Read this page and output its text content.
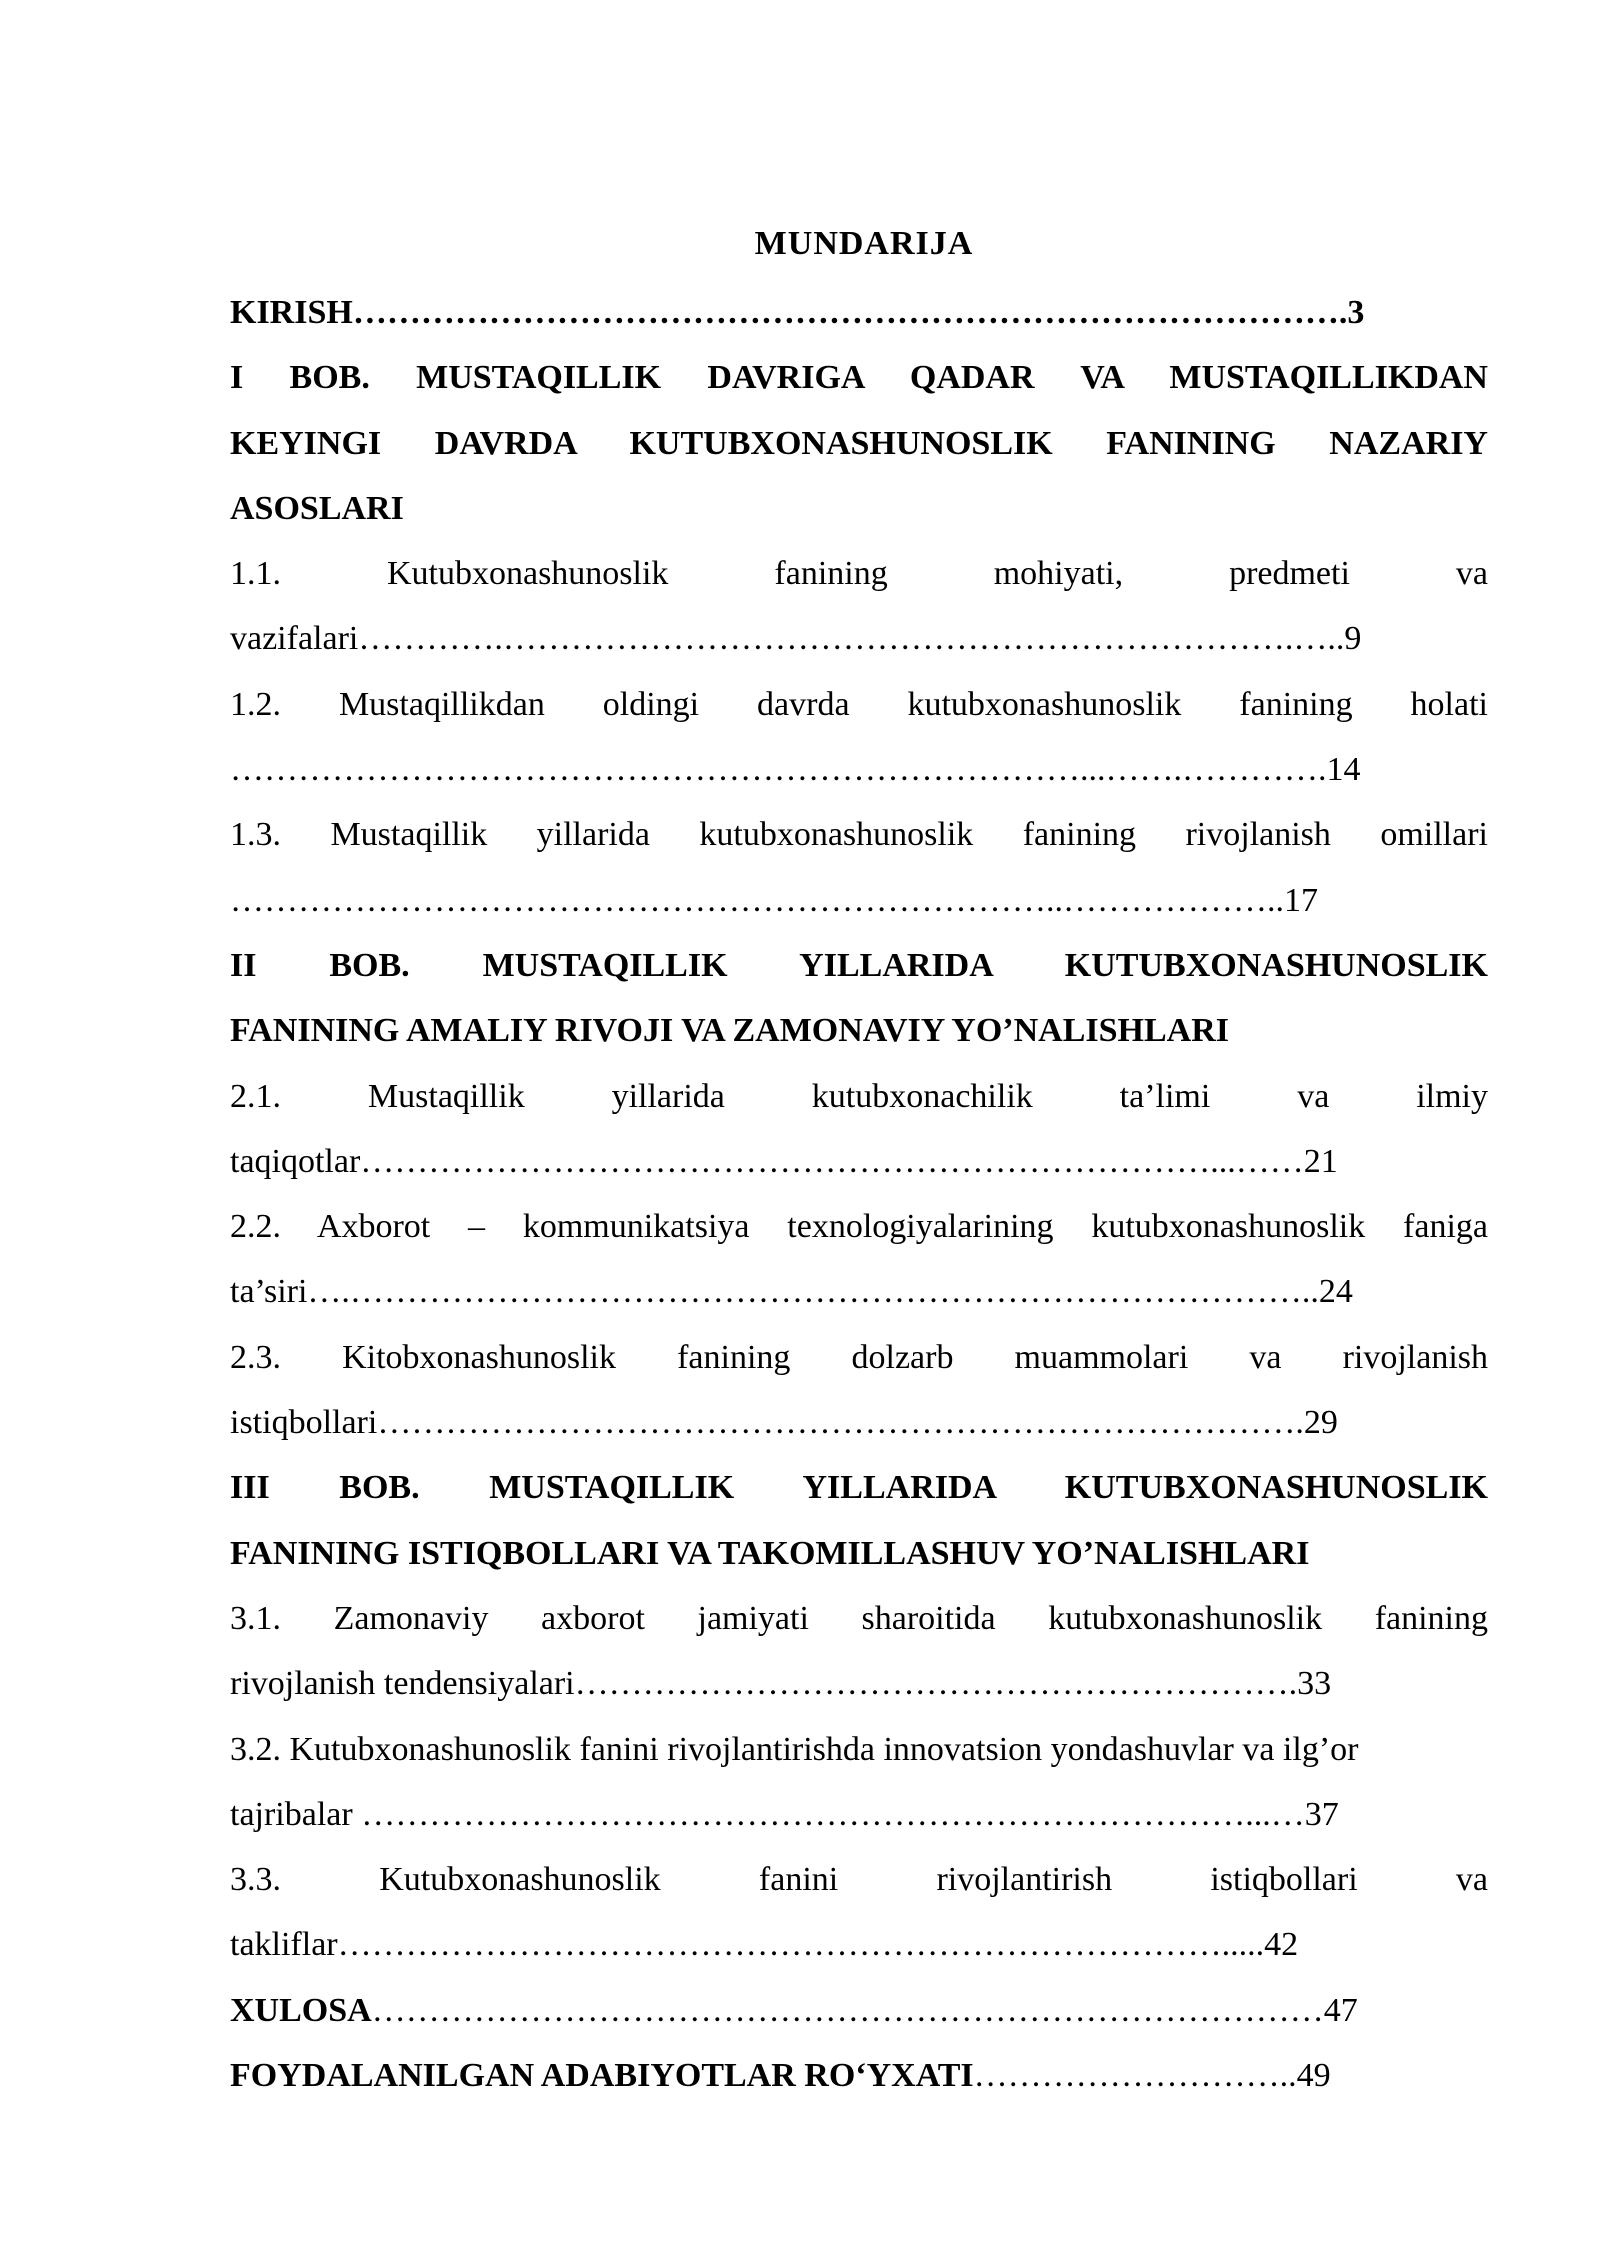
MUNDARIJA
KIRISH…………………………………………………………………………….3
I BOB. MUSTAQILLIK DAVRIGA QADAR VA MUSTAQILLIKDAN
KEYINGI DAVRDA KUTUBXONASHUNOSLIK FANINING NAZARIY
ASOSLARI
1.1. Kutubxonashunoslik fanining mohiyati, predmeti va
vazifalari………….…………………………………………………………….…..9
1.2. Mustaqillikdan oldingi davrda kutubxonashunoslik fanining holati
…………………………………………………………………...…….………….14
1.3. Mustaqillik yillarida kutubxonashunoslik fanining rivojlanish omillari
………………………………………………………………..………………..17
II BOB. MUSTAQILLIK YILLARIDA KUTUBXONASHUNOSLIK
FANINING AMALIY RIVOJI VA ZAMONAVIY YO’NALISHLARI
2.1. Mustaqillik yillarida kutubxonachilik ta’limi va ilmiy
taqiqotlar…………………………………………………………………...……21
2.2. Axborot – kommunikatsiya texnologiyalarining kutubxonashunoslik faniga
ta’siri….…………………………………………………………………………..24
2.3. Kitobxonashunoslik fanining dolzarb muammolari va rivojlanish
istiqbollari……………………………………………………………………….29
III BOB. MUSTAQILLIK YILLARIDA KUTUBXONASHUNOSLIK
FANINING ISTIQBOLLARI VA TAKOMILLASHUV YO’NALISHLARI
3.1. Zamonaviy axborot jamiyati sharoitida kutubxonashunoslik fanining
rivojlanish tendensiyalari……………………………………………………….33
3.2. Kutubxonashunoslik fanini rivojlantirishda innovatsion yondashuvlar va ilg’or
tajribalar ……………………………………………………………………...…37
3.3. Kutubxonashunoslik fanini rivojlantirish istiqbollari va
takliflar…………………………………………………………………….....42
XULOSA…………………………………………………………………………47
FOYDALANILGAN ADABIYOTLAR RO‘YXATI………………………..49
